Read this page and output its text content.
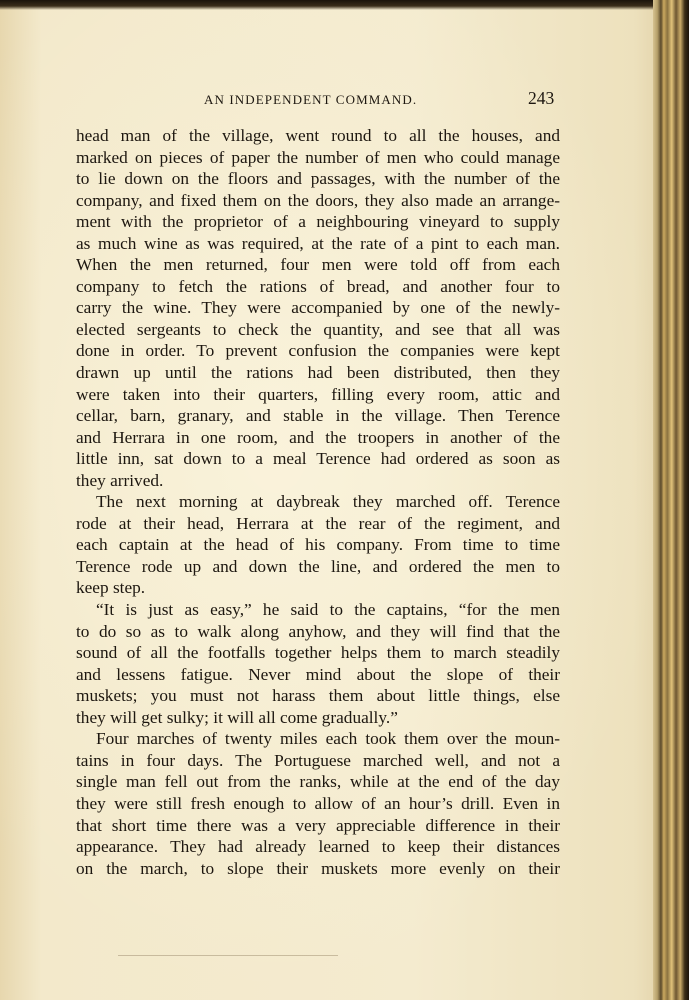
AN INDEPENDENT COMMAND.	243
head man of the village, went round to all the houses, and
marked on pieces of paper the number of men who could manage
to lie down on the floors and passages, with the number of the
company, and fixed them on the doors, they also made an arrange-
ment with the proprietor of a neighbouring vineyard to supply
as much wine as was required, at the rate of a pint to each man.
When the men returned, four men were told off from each
company to fetch the rations of bread, and another four to
carry the wine. They were accompanied by one of the newly-
elected sergeants to check the quantity, and see that all was
done in order. To prevent confusion the companies were kept
drawn up until the rations had been distributed, then they
were taken into their quarters, filling every room, attic and
cellar, barn, granary, and stable in the village. Then Terence
and Herrara in one room, and the troopers in another of the
little inn, sat down to a meal Terence had ordered as soon as
they arrived.
The next morning at daybreak they marched off. Terence
rode at their head, Herrara at the rear of the regiment, and
each captain at the head of his company. From time to time
Terence rode up and down the line, and ordered the men to
keep step.
“It is just as easy,” he said to the captains, “for the men
to do so as to walk along anyhow, and they will find that the
sound of all the footfalls together helps them to march steadily
and lessens fatigue. Never mind about the slope of their
muskets; you must not harass them about little things, else
they will get sulky; it will all come gradually.”
Four marches of twenty miles each took them over the moun-
tains in four days. The Portuguese marched well, and not a
single man fell out from the ranks, while at the end of the day
they were still fresh enough to allow of an hour’s drill. Even in
that short time there was a very appreciable difference in their
appearance. They had already learned to keep their distances
on the march, to slope their muskets more evenly on their
